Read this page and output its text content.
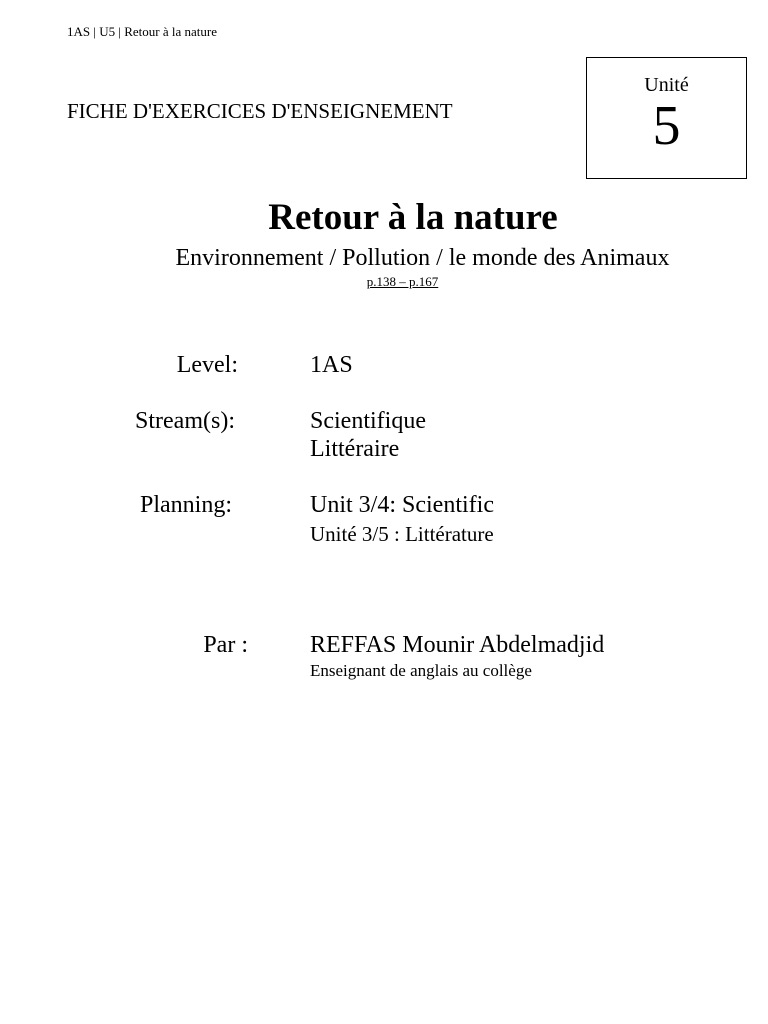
1AS | U5 | Retour à la nature
FICHE D'EXERCICES D'ENSEIGNEMENT
Unité
5
Retour à la nature
Environnement / Pollution / le monde des Animaux
p.138 – p.167
Level:	1AS
Stream(s):	Scientifique
Littéraire
Planning:	Unit 3/4: Scientific
Unité 3/5 : Littérature
Par :	REFFAS Mounir Abdelmadjid
Enseignant de anglais au collège
